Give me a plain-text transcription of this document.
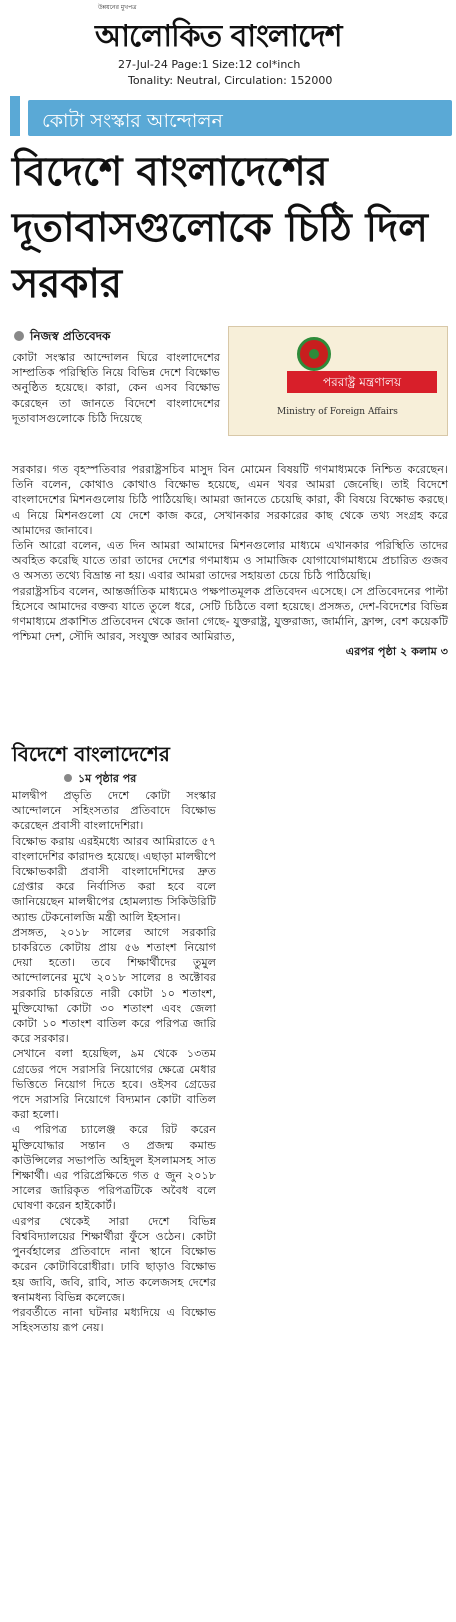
উন্নয়নের মুখপত্র
আলোকিত বাংলাদেশ
27-Jul-24 Page:1 Size:12 col*inch
Tonality: Neutral, Circulation: 152000
কোটা সংস্কার আন্দোলন
বিদেশে বাংলাদেশের দূতাবাসগুলোকে চিঠি দিল সরকার
নিজস্ব প্রতিবেদক
পররাষ্ট্র মন্ত্রণালয়
Ministry of Foreign Affairs
কোটা সংস্কার আন্দোলন ঘিরে বাংলাদেশের সাম্প্রতিক পরিস্থিতি নিয়ে বিভিন্ন দেশে বিক্ষোভ অনুষ্ঠিত হয়েছে। কারা, কেন এসব বিক্ষোভ করেছেন তা জানতে বিদেশে বাংলাদেশের দূতাবাসগুলোকে চিঠি দিয়েছে

সরকার। গত বৃহস্পতিবার পররাষ্ট্রসচিব মাসুদ বিন মোমেন বিষয়টি গণমাধ্যমকে নিশ্চিত করেছেন। তিনি বলেন, কোথাও কোথাও বিক্ষোভ হয়েছে, এমন খবর আমরা জেনেছি। তাই বিদেশে বাংলাদেশের মিশনগুলোয় চিঠি পাঠিয়েছি। আমরা জানতে চেয়েছি কারা, কী বিষয়ে বিক্ষোভ করছে। এ নিয়ে মিশনগুলো যে দেশে কাজ করে, সেখানকার সরকারের কাছ থেকে তথ্য সংগ্রহ করে আমাদের জানাবে।

তিনি আরো বলেন, এত দিন আমরা আমাদের মিশনগুলোর মাধ্যমে এখানকার পরিস্থিতি তাদের অবহিত করেছি যাতে তারা তাদের দেশের গণমাধ্যম ও সামাজিক যোগাযোগমাধ্যমে প্রচারিত গুজব ও অসত্য তথ্যে বিভ্রান্ত না হয়। এবার আমরা তাদের সহায়তা চেয়ে চিঠি পাঠিয়েছি।

পররাষ্ট্রসচিব বলেন, আন্তর্জাতিক মাধ্যমেও পক্ষপাতমূলক প্রতিবেদন এসেছে। সে প্রতিবেদনের পাল্টা হিসেবে আমাদের বক্তব্য যাতে তুলে ধরে, সেটি চিঠিতে বলা হয়েছে। প্রসঙ্গত, দেশ-বিদেশের বিভিন্ন গণমাধ্যমে প্রকাশিত প্রতিবেদন থেকে জানা গেছে- যুক্তরাষ্ট্র, যুক্তরাজ্য, জার্মানি, ফ্রান্স, বেশ কয়েকটি পশ্চিমা দেশ, সৌদি আরব, সংযুক্ত আরব আমিরাত,

এরপর পৃষ্ঠা ২ কলাম ৩
বিদেশে বাংলাদেশের
১ম পৃষ্ঠার পর

মালদ্বীপ প্রভৃতি দেশে কোটা সংস্কার আন্দোলনে সহিংসতার প্রতিবাদে বিক্ষোভ করেছেন প্রবাসী বাংলাদেশিরা।

বিক্ষোভ করায় এরইমধ্যে আরব আমিরাতে ৫৭ বাংলাদেশির কারাদণ্ড হয়েছে। এছাড়া মালদ্বীপে বিক্ষোভকারী প্রবাসী বাংলাদেশিদের দ্রুত গ্রেপ্তার করে নির্বাসিত করা হবে বলে জানিয়েছেন মালদ্বীপের হোমল্যান্ড সিকিউরিটি অ্যান্ড টেকনোলজি মন্ত্রী আলি ইহসান।

প্রসঙ্গত, ২০১৮ সালের আগে সরকারি চাকরিতে কোটায় প্রায় ৫৬ শতাংশ নিয়োগ দেয়া হতো। তবে শিক্ষার্থীদের তুমুল আন্দোলনের মুখে ২০১৮ সালের ৪ অক্টোবর সরকারি চাকরিতে নারী কোটা ১০ শতাংশ, মুক্তিযোদ্ধা কোটা ৩০ শতাংশ এবং জেলা কোটা ১০ শতাংশ বাতিল করে পরিপত্র জারি করে সরকার।

সেখানে বলা হয়েছিল, ৯ম থেকে ১৩তম গ্রেডের পদে সরাসরি নিয়োগের ক্ষেত্রে মেধার ভিত্তিতে নিয়োগ দিতে হবে। ওইসব গ্রেডের পদে সরাসরি নিয়োগে বিদ্যমান কোটা বাতিল করা হলো।

এ পরিপত্র চ্যালেঞ্জ করে রিট করেন মুক্তিযোদ্ধার সন্তান ও প্রজন্ম কমান্ড কাউন্সিলের সভাপতি অহিদুল ইসলামসহ সাত শিক্ষার্থী। এর পরিপ্রেক্ষিতে গত ৫ জুন ২০১৮ সালের জারিকৃত পরিপত্রটিকে অবৈধ বলে ঘোষণা করেন হাইকোর্ট।

এরপর থেকেই সারা দেশে বিভিন্ন বিশ্ববিদ্যালয়ের শিক্ষার্থীরা ফুঁসে ওঠেন। কোটা পুনর্বহালের প্রতিবাদে নানা স্থানে বিক্ষোভ করেন কোটাবিরোধীরা। ঢাবি ছাড়াও বিক্ষোভ হয় জাবি, জবি, রাবি, সাত কলেজসহ দেশের স্বনামধন্য বিভিন্ন কলেজে।

পরবর্তীতে নানা ঘটনার মধ্যদিয়ে এ বিক্ষোভ সহিংসতায় রূপ নেয়।
